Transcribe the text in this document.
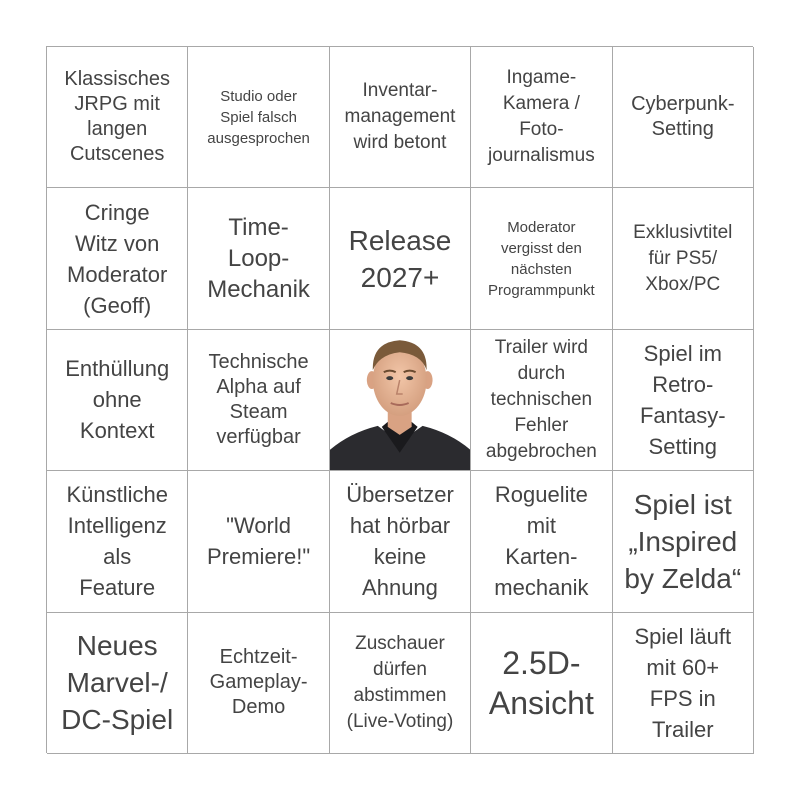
Klassisches
JRPG mit
langen
Cutscenes
Studio oder
Spiel falsch
ausgesprochen
Inventar-
management
wird betont
Ingame-
Kamera /
Foto-
journalismus
Cyberpunk-
Setting
Cringe
Witz von
Moderator
(Geoff)
Time-
Loop-
Mechanik
Release
2027+
Moderator
vergisst den
nächsten
Programmpunkt
Exklusivtitel
für PS5/
Xbox/PC
Enthüllung
ohne
Kontext
Technische
Alpha auf
Steam
verfügbar
Trailer wird
durch
technischen
Fehler
abgebrochen
Spiel im
Retro-
Fantasy-
Setting
Künstliche
Intelligenz
als
Feature
"World
Premiere!"
Übersetzer
hat hörbar
keine
Ahnung
Roguelite
mit
Karten-
mechanik
Spiel ist
„Inspired
by Zelda“
Neues
Marvel-/
DC-Spiel
Echtzeit-
Gameplay-
Demo
Zuschauer
dürfen
abstimmen
(Live-Voting)
2.5D-
Ansicht
Spiel läuft
mit 60+
FPS in
Trailer
